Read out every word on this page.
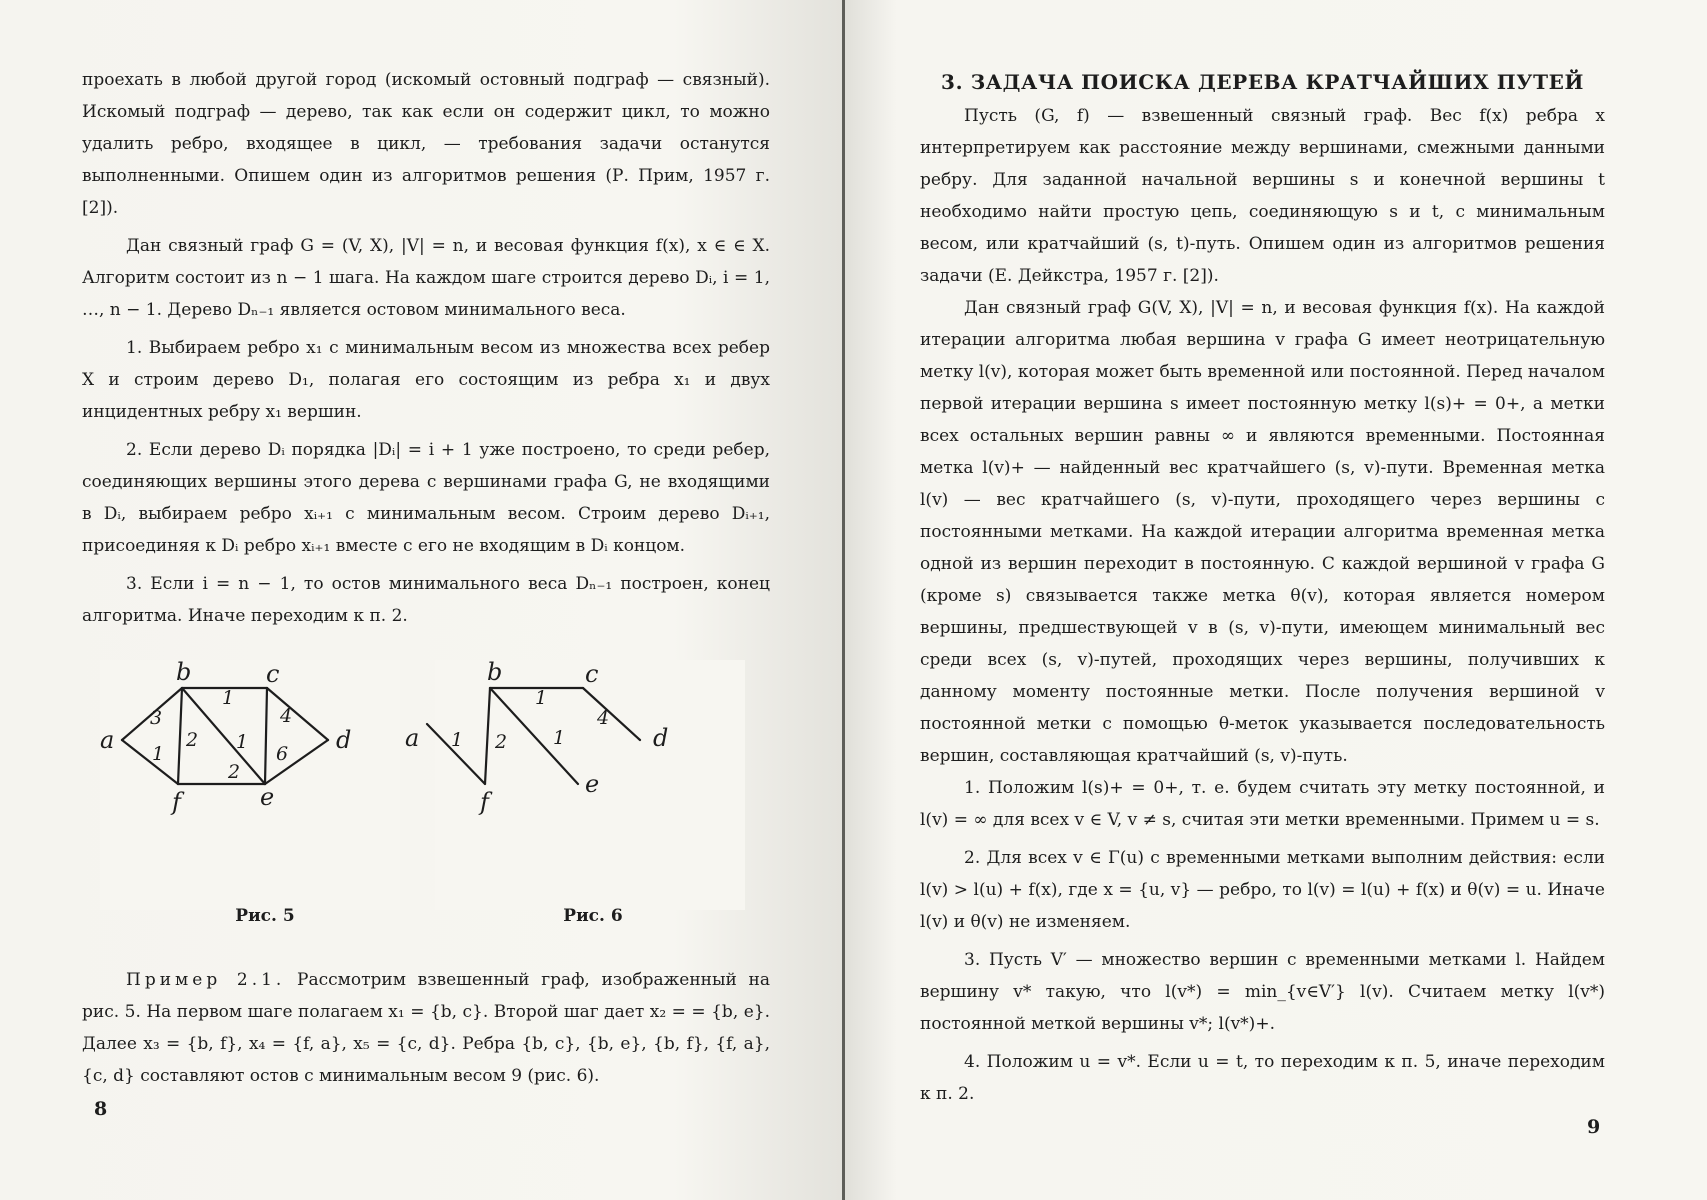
проехать в любой другой город (искомый остовный подграф — связный). Искомый подграф — дерево, так как если он содержит цикл, то можно удалить ребро, входящее в цикл, — требования задачи останутся выполненными. Опишем один из алгоритмов решения (Р. Прим, 1957 г. [2]).

Дан связный граф G = (V, X), |V| = n, и весовая функция f(x), x ∈ ∈ X. Алгоритм состоит из n − 1 шага. На каждом шаге строится дерево Dᵢ, i = 1, …, n − 1. Дерево Dₙ₋₁ является остовом минимального веса.

1. Выбираем ребро x₁ с минимальным весом из множества всех ребер X и строим дерево D₁, полагая его состоящим из ребра x₁ и двух инцидентных ребру x₁ вершин.

2. Если дерево Dᵢ порядка |Dᵢ| = i + 1 уже построено, то среди ребер, соединяющих вершины этого дерева с вершинами графа G, не входящими в Dᵢ, выбираем ребро xᵢ₊₁ с минимальным весом. Строим дерево Dᵢ₊₁, присоединяя к Dᵢ ребро xᵢ₊₁ вместе с его не входящим в Dᵢ концом.

3. Если i = n − 1, то остов минимального веса Dₙ₋₁ построен, конец алгоритма. Иначе переходим к п. 2.

a
b	c
d
e
f
3
1
1
2 1
4
6
2
a
b	c
d
e
f
1 2
1
1
4
Рис. 5	Рис. 6

Пример 2.1. Рассмотрим взвешенный граф, изображенный на рис. 5. На первом шаге полагаем x₁ = {b, c}. Второй шаг дает x₂ = = {b, e}. Далее x₃ = {b, f}, x₄ = {f, a}, x₅ = {c, d}. Ребра {b, c}, {b, e}, {b, f}, {f, a}, {c, d} составляют остов с минимальным весом 9 (рис. 6).

8

3. ЗАДАЧА ПОИСКА ДЕРЕВА КРАТЧАЙШИХ ПУТЕЙ

Пусть (G, f) — взвешенный связный граф. Вес f(x) ребра x интерпретируем как расстояние между вершинами, смежными данными ребру. Для заданной начальной вершины s и конечной вершины t необходимо найти простую цепь, соединяющую s и t, с минимальным весом, или кратчайший (s, t)-путь. Опишем один из алгоритмов решения задачи (Е. Дейкстра, 1957 г. [2]).

Дан связный граф G(V, X), |V| = n, и весовая функция f(x). На каждой итерации алгоритма любая вершина v графа G имеет неотрицательную метку l(v), которая может быть временной или постоянной. Перед началом первой итерации вершина s имеет постоянную метку l(s)+ = 0+, а метки всех остальных вершин равны ∞ и являются временными. Постоянная метка l(v)+ — найденный вес кратчайшего (s, v)-пути. Временная метка l(v) — вес кратчайшего (s, v)-пути, проходящего через вершины с постоянными метками. На каждой итерации алгоритма временная метка одной из вершин переходит в постоянную. С каждой вершиной v графа G (кроме s) связывается также метка θ(v), которая является номером вершины, предшествующей v в (s, v)-пути, имеющем минимальный вес среди всех (s, v)-путей, проходящих через вершины, получивших к данному моменту постоянные метки. После получения вершиной v постоянной метки с помощью θ-меток указывается последовательность вершин, составляющая кратчайший (s, v)-путь.

1. Положим l(s)+ = 0+, т. е. будем считать эту метку постоянной, и l(v) = ∞ для всех v ∈ V, v ≠ s, считая эти метки временными. Примем u = s.

2. Для всех v ∈ Γ(u) с временными метками выполним действия: если l(v) > l(u) + f(x), где x = {u, v} — ребро, то l(v) = l(u) + f(x) и θ(v) = u. Иначе l(v) и θ(v) не изменяем.

3. Пусть V′ — множество вершин с временными метками l. Найдем вершину v* такую, что l(v*) = min_{v∈V′} l(v). Считаем метку l(v*) постоянной меткой вершины v*; l(v*)+.

4. Положим u = v*. Если u = t, то переходим к п. 5, иначе переходим к п. 2.

9
